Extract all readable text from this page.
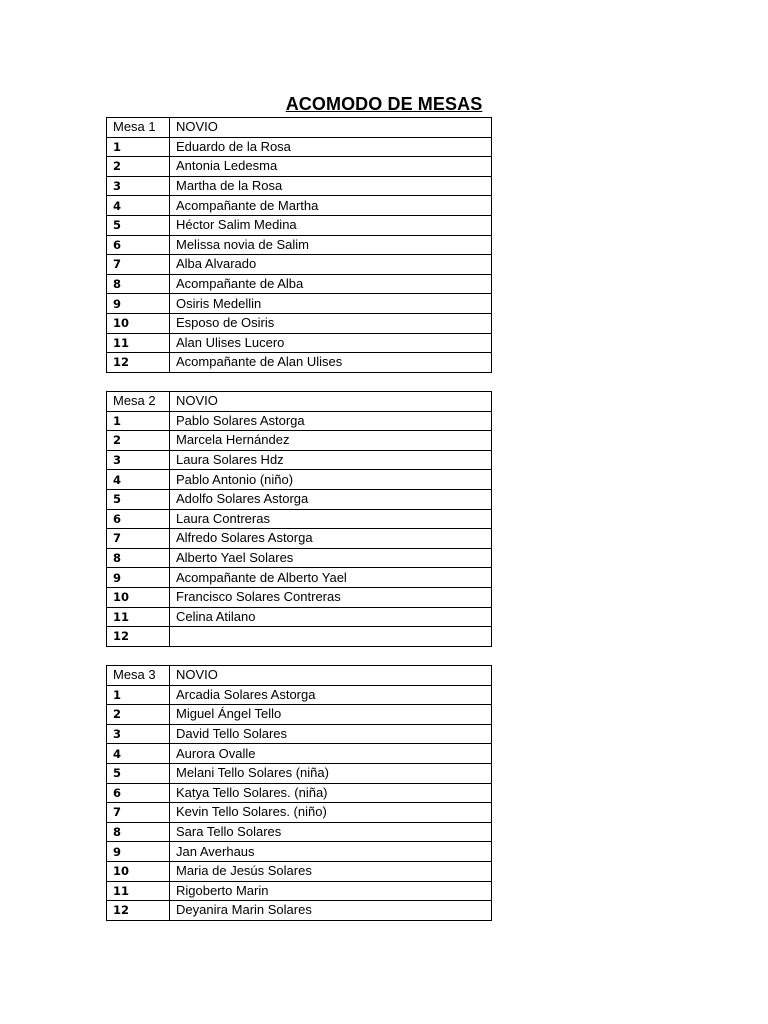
ACOMODO DE MESAS
Mesa 1	NOVIO
1	Eduardo de la Rosa
2	Antonia Ledesma
3	Martha de la Rosa
4	Acompañante de Martha
5	Héctor Salim Medina
6	Melissa novia de Salim
7	Alba Alvarado
8	Acompañante de Alba
9	Osiris Medellin
10	Esposo de Osiris
11	Alan Ulises Lucero
12	Acompañante de Alan Ulises
Mesa 2	NOVIO
1	Pablo Solares Astorga
2	Marcela Hernández
3	Laura Solares Hdz
4	Pablo Antonio (niño)
5	Adolfo Solares Astorga
6	Laura Contreras
7	Alfredo Solares Astorga
8	Alberto Yael Solares
9	Acompañante de Alberto Yael
10	Francisco Solares Contreras
11	Celina Atilano
12	
Mesa 3	NOVIO
1	Arcadia Solares Astorga
2	Miguel Ángel Tello
3	David Tello Solares
4	Aurora Ovalle
5	Melani Tello Solares (niña)
6	Katya Tello Solares. (niña)
7	Kevin Tello Solares. (niño)
8	Sara Tello Solares
9	Jan Averhaus
10	Maria de Jesús Solares
11	Rigoberto Marin
12	Deyanira Marin Solares
